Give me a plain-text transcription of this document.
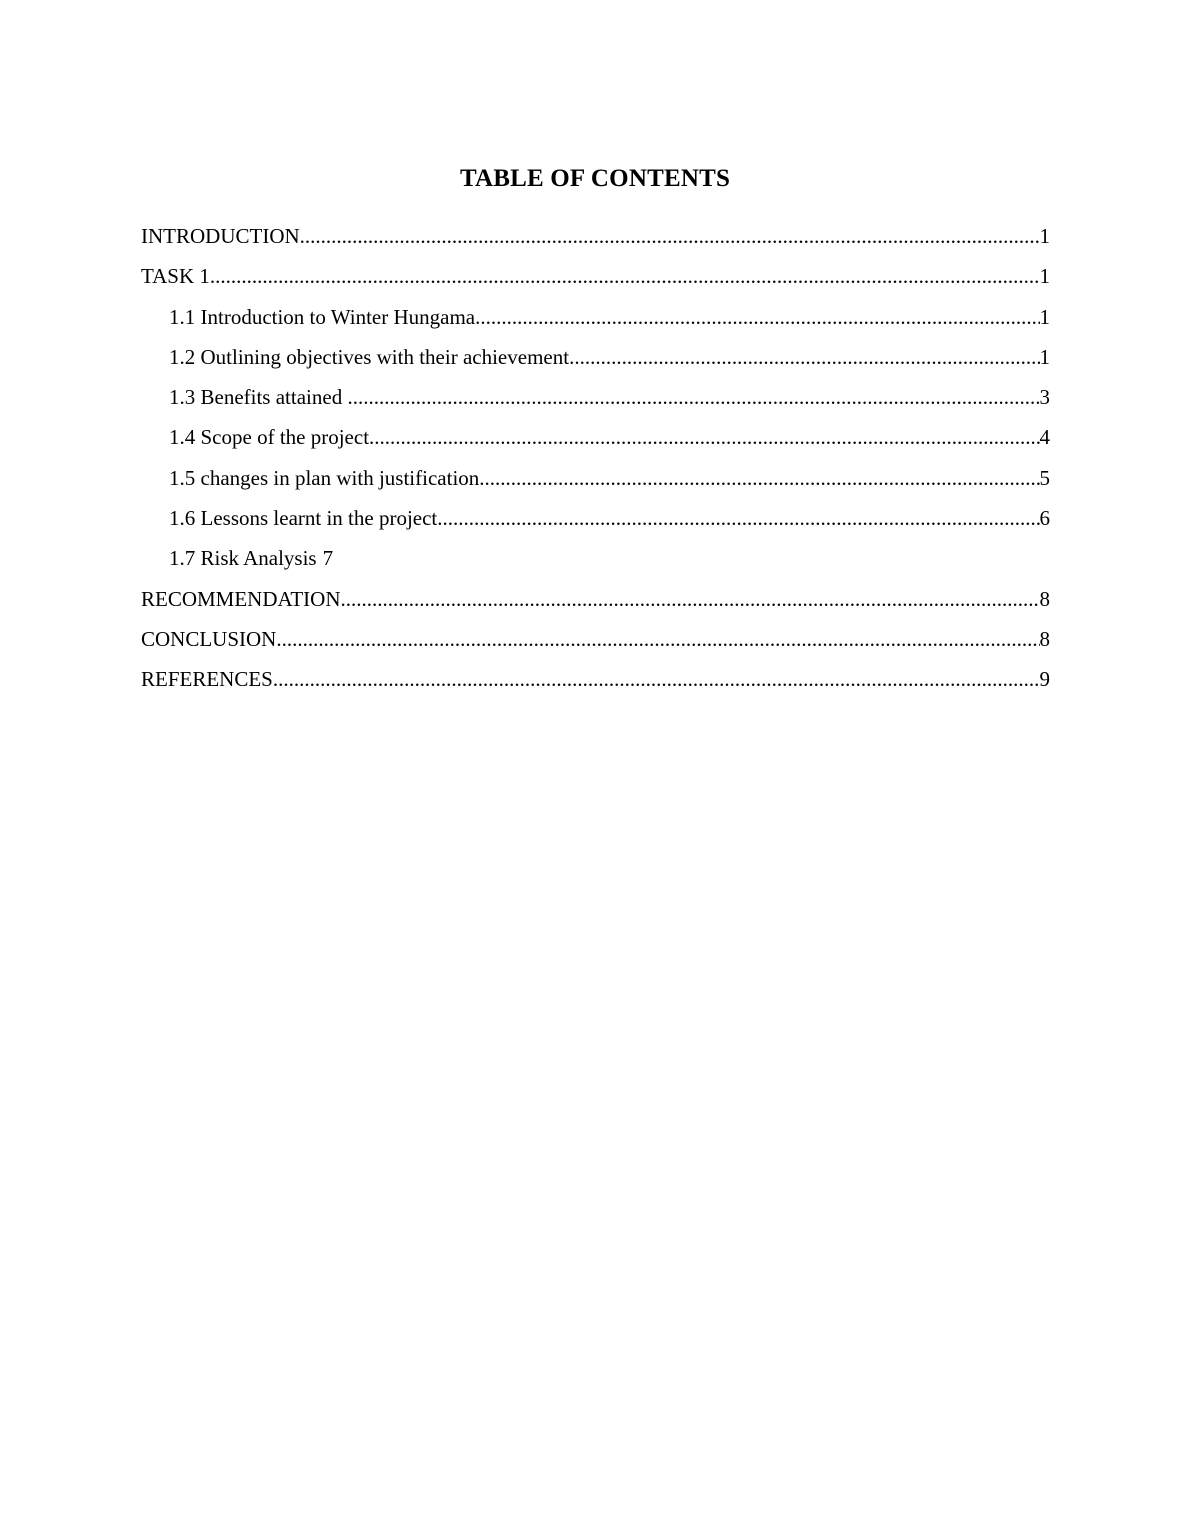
TABLE OF CONTENTS
INTRODUCTION .....	1
TASK 1 .....	1
1.1 Introduction to Winter Hungama .....	1
1.2 Outlining objectives with their achievement .....	1
1.3 Benefits attained .....	3
1.4 Scope of the project .....	4
1.5 changes in plan with justification .....	5
1.6 Lessons learnt in the project .....	6
1.7 Risk Analysis 7
RECOMMENDATION .....	8
CONCLUSION .....	8
REFERENCES .....	9
